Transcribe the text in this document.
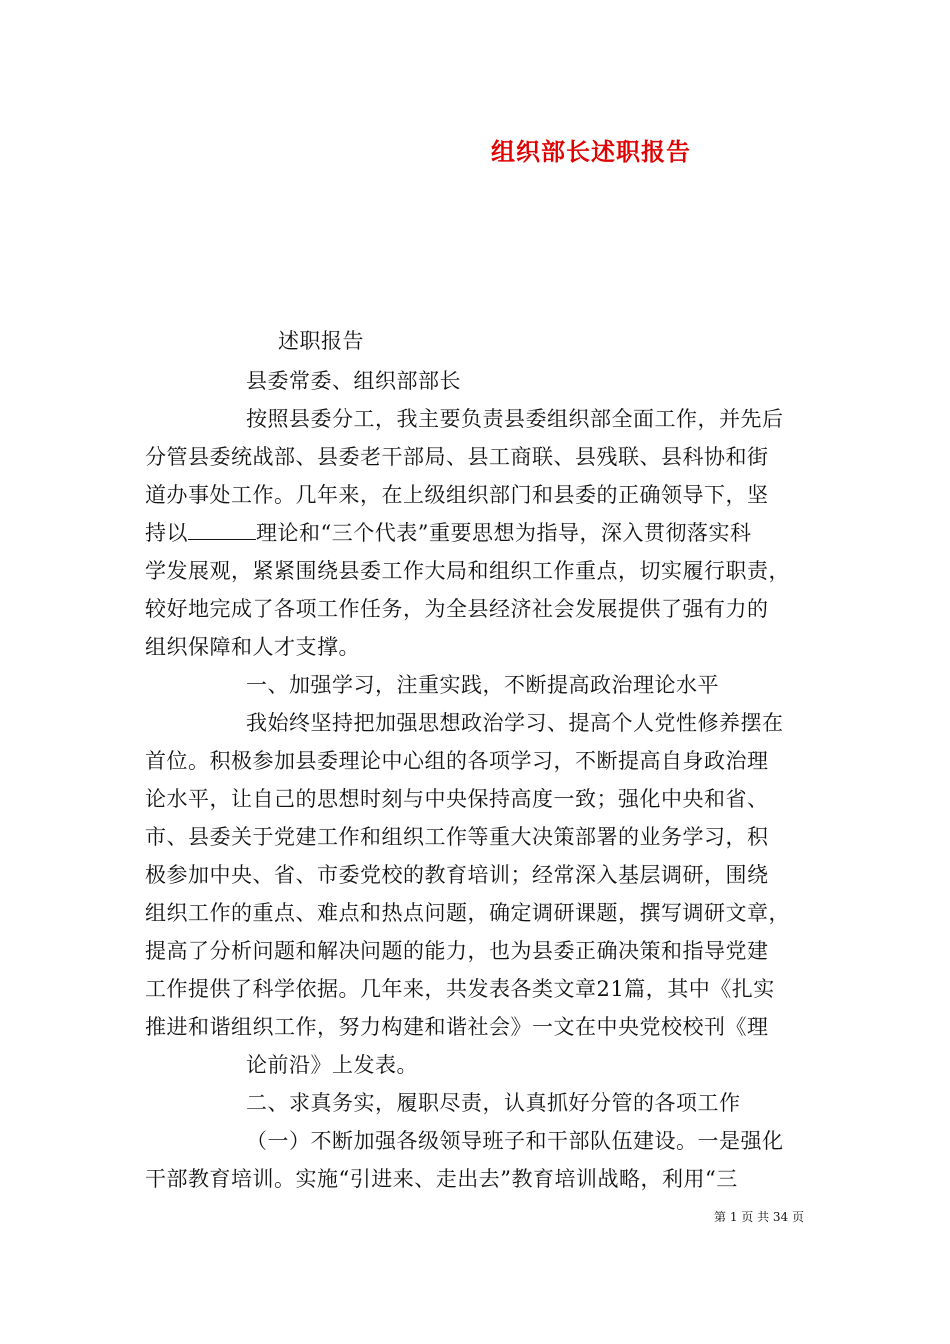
组织部长述职报告
述职报告
县委常委、组织部部长
按照县委分工，我主要负责县委组织部全面工作，并先后
分管县委统战部、县委老干部局、县工商联、县残联、县科协和街
道办事处工作。几年来，在上级组织部门和县委的正确领导下，坚
持以	理论和“三个代表”重要思想为指导，深入贯彻落实科
学发展观，紧紧围绕县委工作大局和组织工作重点，切实履行职责，
较好地完成了各项工作任务，为全县经济社会发展提供了强有力的
组织保障和人才支撑。
一、加强学习，注重实践，不断提高政治理论水平
我始终坚持把加强思想政治学习、提高个人党性修养摆在
首位。积极参加县委理论中心组的各项学习，不断提高自身政治理
论水平，让自己的思想时刻与中央保持高度一致；强化中央和省、
市、县委关于党建工作和组织工作等重大决策部署的业务学习，积
极参加中央、省、市委党校的教育培训；经常深入基层调研，围绕
组织工作的重点、难点和热点问题，确定调研课题，撰写调研文章，
提高了分析问题和解决问题的能力，也为县委正确决策和指导党建
工作提供了科学依据。几年来，共发表各类文章21篇，其中《扎实
推进和谐组织工作，努力构建和谐社会》一文在中央党校校刊《理
论前沿》上发表。
二、求真务实，履职尽责，认真抓好分管的各项工作
（一）不断加强各级领导班子和干部队伍建设。一是强化
干部教育培训。实施“引进来、走出去”教育培训战略，利用“三
第 1 页 共 34 页
